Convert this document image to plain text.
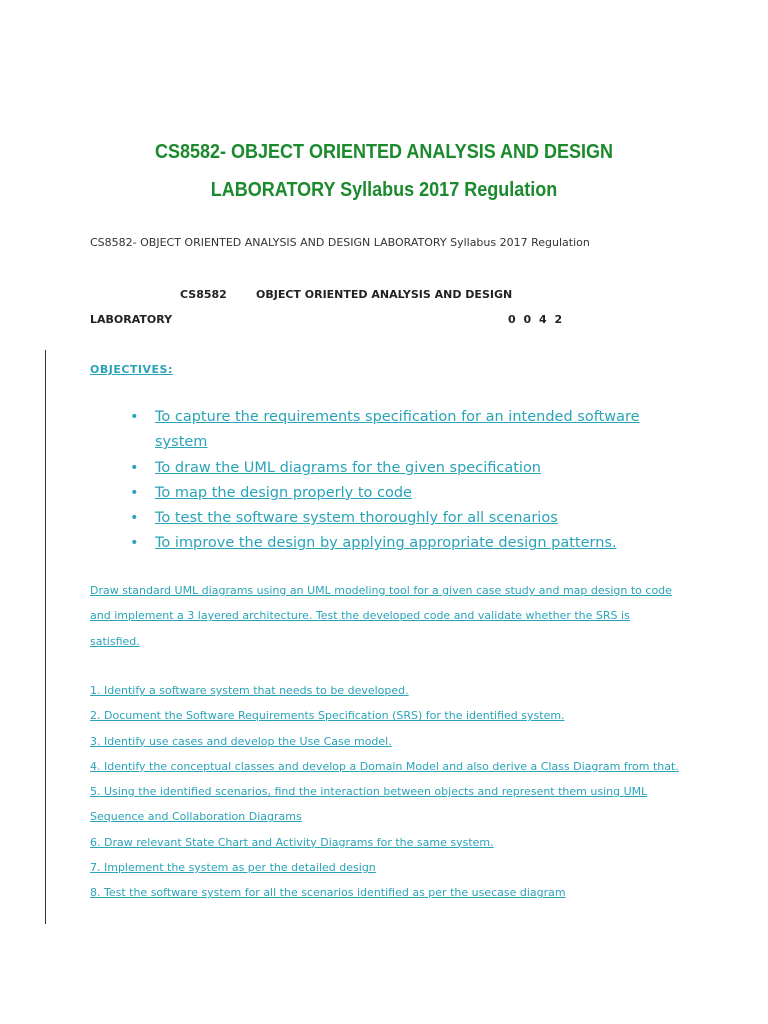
CS8582- OBJECT ORIENTED ANALYSIS AND DESIGN
LABORATORY Syllabus 2017 Regulation

CS8582- OBJECT ORIENTED ANALYSIS AND DESIGN LABORATORY Syllabus 2017 Regulation

CS8582	OBJECT ORIENTED ANALYSIS AND DESIGN
LABORATORY	0 0 4 2

OBJECTIVES:

• To capture the requirements specification for an intended software system
• To draw the UML diagrams for the given specification
• To map the design properly to code
• To test the software system thoroughly for all scenarios
• To improve the design by applying appropriate design patterns.

Draw standard UML diagrams using an UML modeling tool for a given case study and map design to code and implement a 3 layered architecture. Test the developed code and validate whether the SRS is satisfied.

1. Identify a software system that needs to be developed.
2. Document the Software Requirements Specification (SRS) for the identified system.
3. Identify use cases and develop the Use Case model.
4. Identify the conceptual classes and develop a Domain Model and also derive a Class Diagram from that.
5. Using the identified scenarios, find the interaction between objects and represent them using UML Sequence and Collaboration Diagrams
6. Draw relevant State Chart and Activity Diagrams for the same system.
7. Implement the system as per the detailed design
8. Test the software system for all the scenarios identified as per the usecase diagram
